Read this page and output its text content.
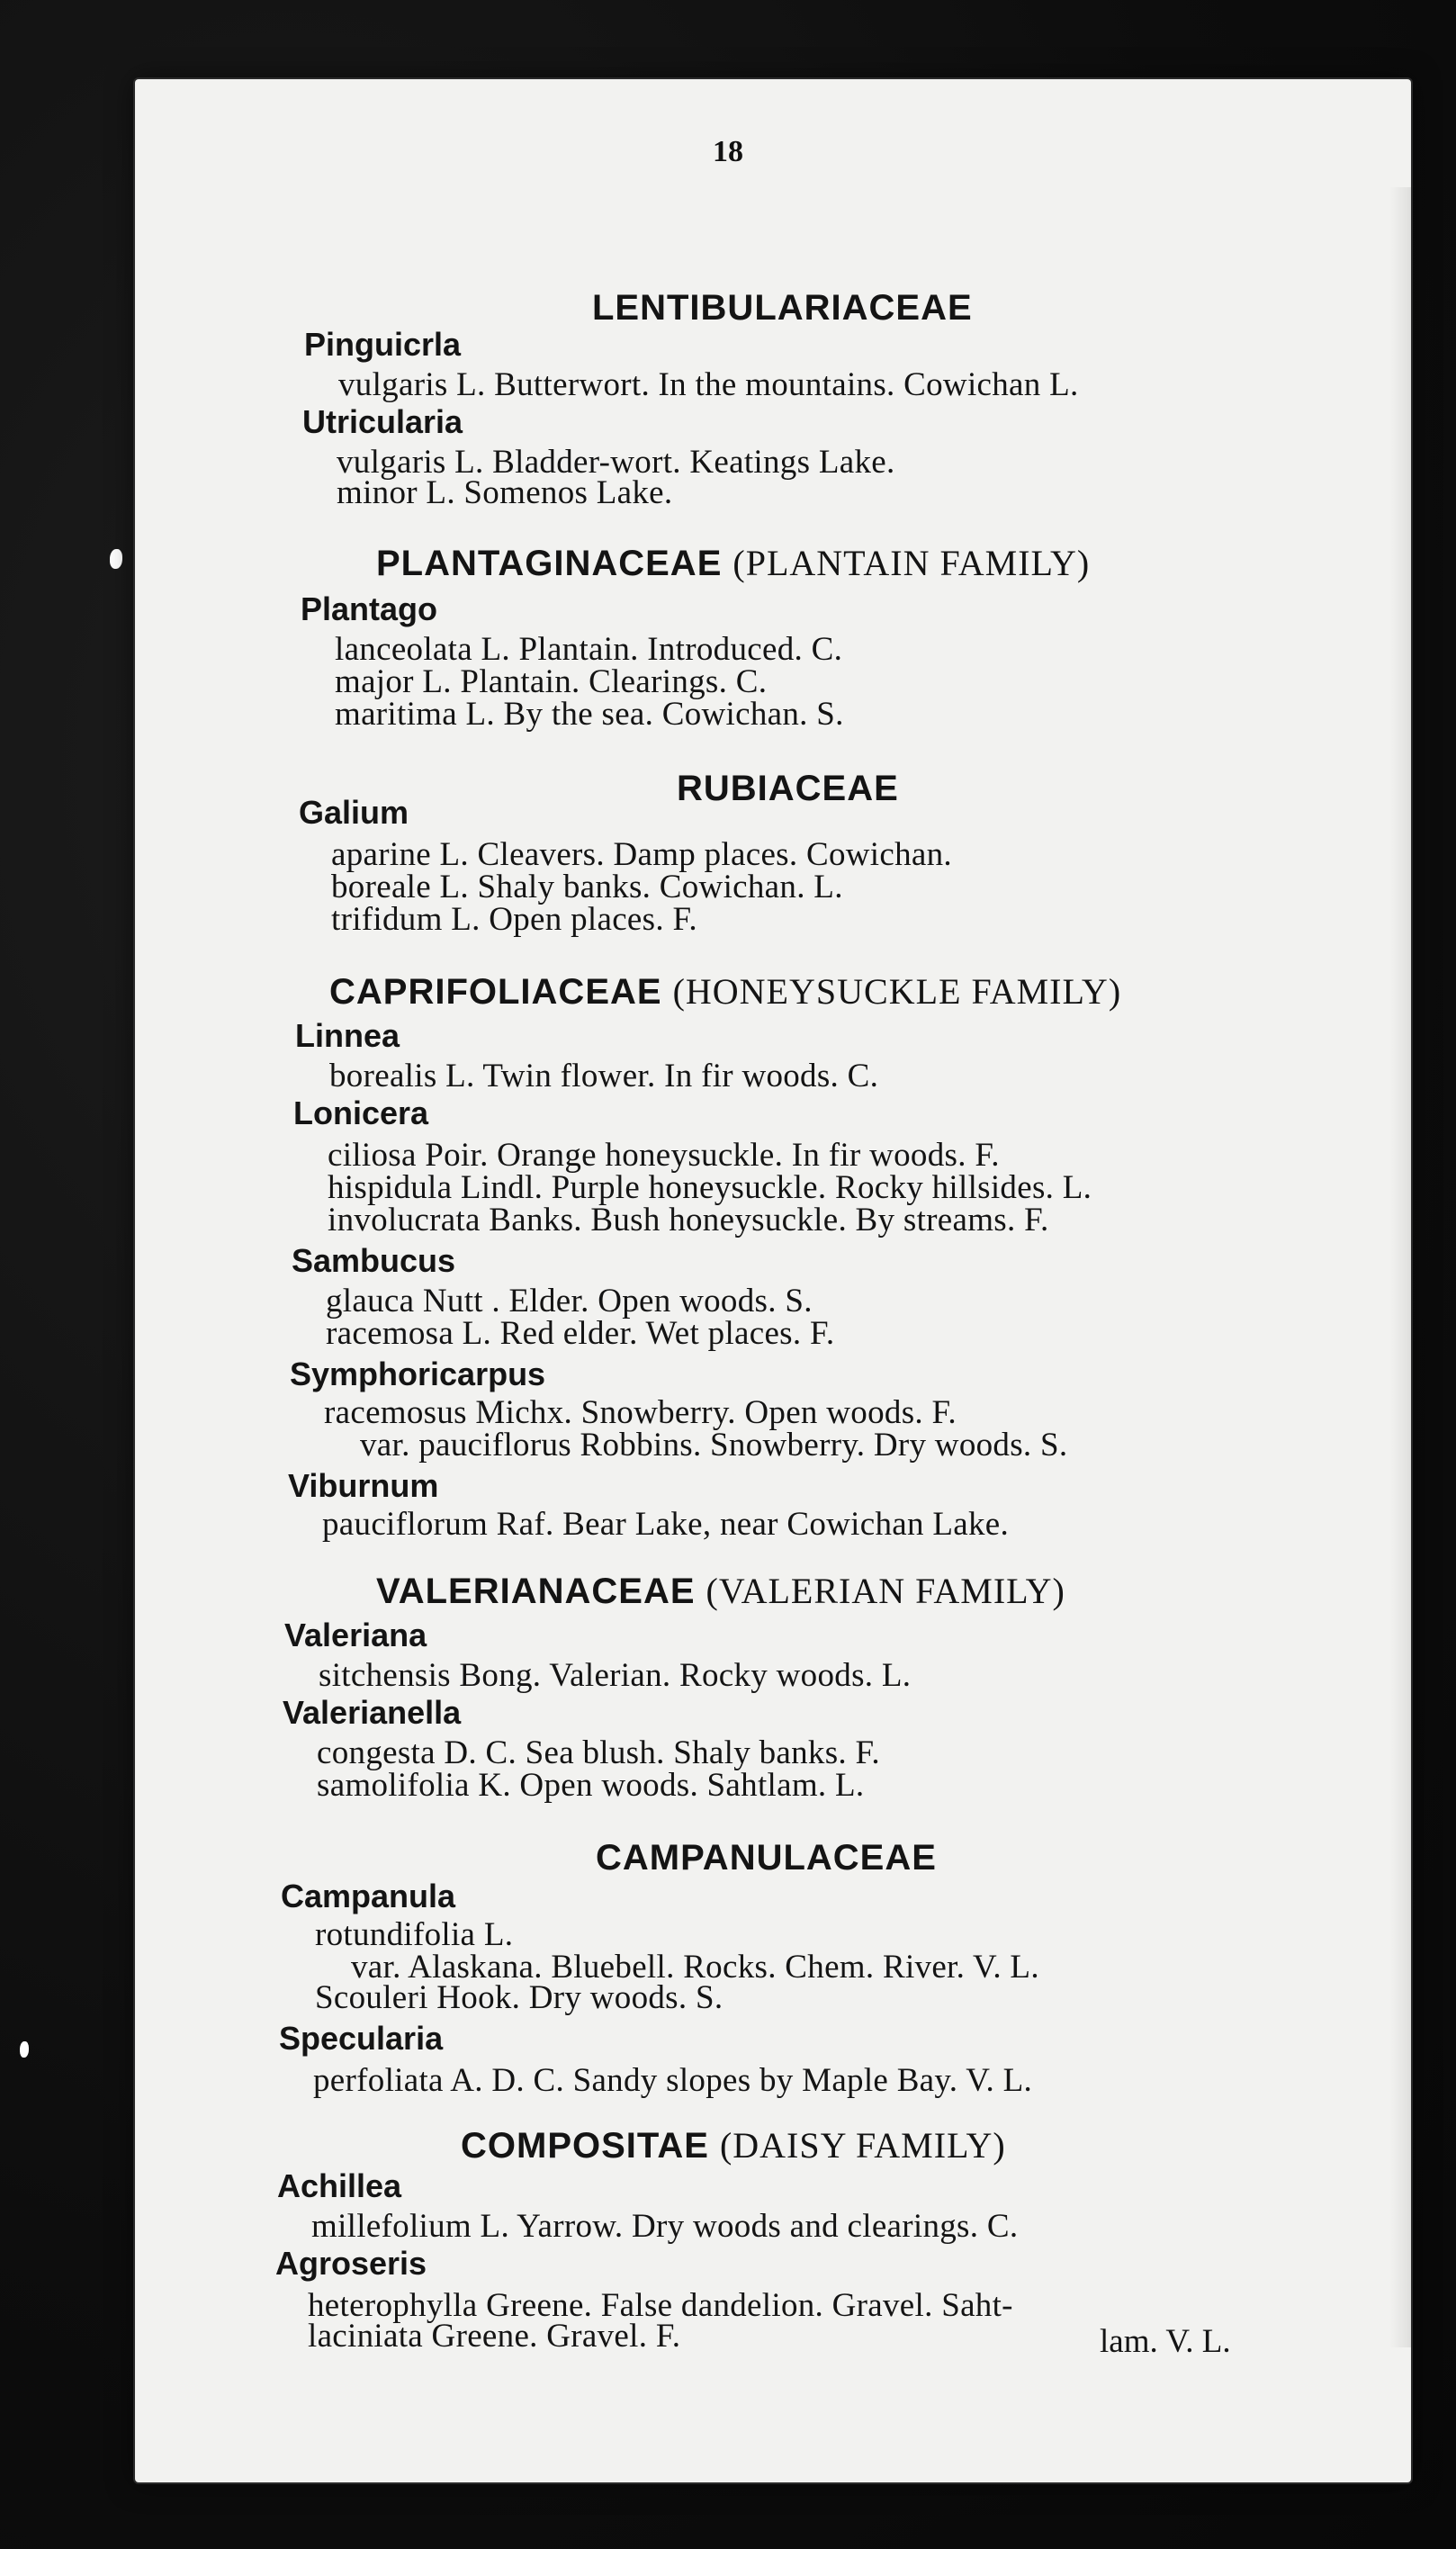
18
LENTIBULARIACEAE
Pinguicrla
vulgaris L. Butterwort. In the mountains. Cowichan L.
Utricularia
vulgaris L. Bladder-wort. Keatings Lake.
minor L. Somenos Lake.
PLANTAGINACEAE (PLANTAIN FAMILY)
Plantago
lanceolata L. Plantain. Introduced. C.
major L. Plantain. Clearings. C.
maritima L. By the sea. Cowichan. S.
RUBIACEAE
Galium
aparine L. Cleavers. Damp places. Cowichan.
boreale L. Shaly banks. Cowichan. L.
trifidum L. Open places. F.
CAPRIFOLIACEAE (HONEYSUCKLE FAMILY)
Linnea
borealis L. Twin flower. In fir woods. C.
Lonicera
ciliosa Poir. Orange honeysuckle. In fir woods. F.
hispidula Lindl. Purple honeysuckle. Rocky hillsides. L.
involucrata Banks. Bush honeysuckle. By streams. F.
Sambucus
glauca Nutt . Elder. Open woods. S.
racemosa L. Red elder. Wet places. F.
Symphoricarpus
racemosus Michx. Snowberry. Open woods. F.
var. pauciflorus Robbins. Snowberry. Dry woods. S.
Viburnum
pauciflorum Raf. Bear Lake, near Cowichan Lake.
VALERIANACEAE (VALERIAN FAMILY)
Valeriana
sitchensis Bong. Valerian. Rocky woods. L.
Valerianella
congesta D. C. Sea blush. Shaly banks. F.
samolifolia K. Open woods. Sahtlam. L.
CAMPANULACEAE
Campanula
rotundifolia L.
var. Alaskana. Bluebell. Rocks. Chem. River. V. L.
Scouleri Hook. Dry woods. S.
Specularia
perfoliata A. D. C. Sandy slopes by Maple Bay. V. L.
COMPOSITAE (DAISY FAMILY)
Achillea
millefolium L. Yarrow. Dry woods and clearings. C.
Agroseris
heterophylla Greene. False dandelion. Gravel. Saht-
laciniata Greene. Gravel. F.	lam. V. L.
